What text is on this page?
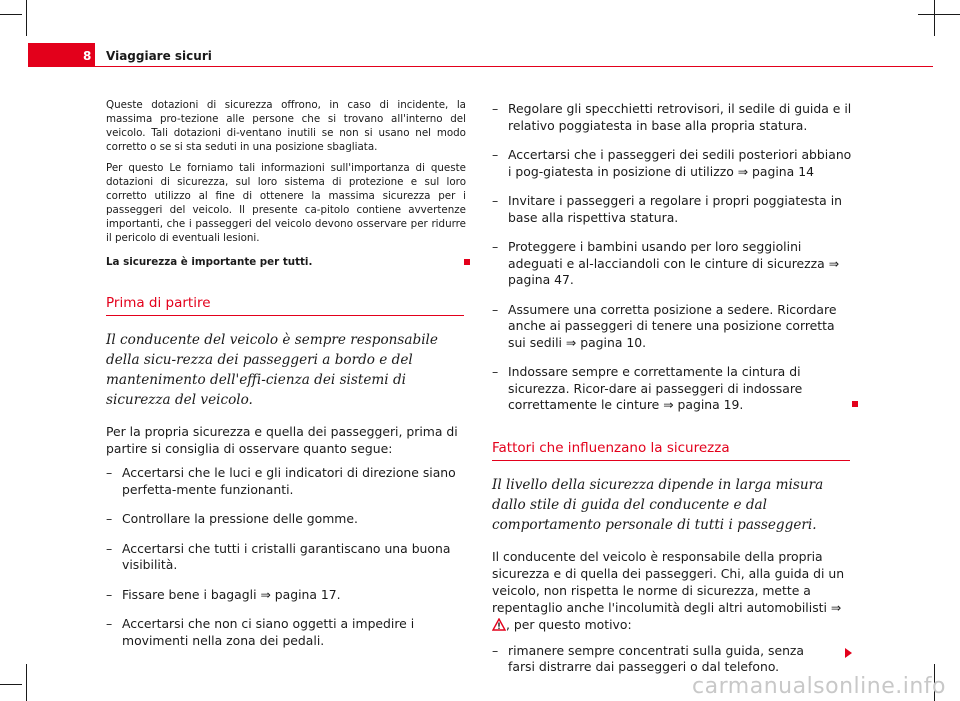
8 Viaggiare sicuri

Queste dotazioni di sicurezza offrono, in caso di incidente, la massima pro-tezione alle persone che si trovano all'interno del veicolo. Tali dotazioni di-ventano inutili se non si usano nel modo corretto o se si sta seduti in una posizione sbagliata.

Per questo Le forniamo tali informazioni sull'importanza di queste dotazioni di sicurezza, sul loro sistema di protezione e sul loro corretto utilizzo al fine di ottenere la massima sicurezza per i passeggeri del veicolo. Il presente ca-pitolo contiene avvertenze importanti, che i passeggeri del veicolo devono osservare per ridurre il pericolo di eventuali lesioni.

La sicurezza è importante per tutti.

Prima di partire

Il conducente del veicolo è sempre responsabile della sicu-rezza dei passeggeri a bordo e del mantenimento dell'effi-cienza dei sistemi di sicurezza del veicolo.

Per la propria sicurezza e quella dei passeggeri, prima di partire si consiglia di osservare quanto segue:

– Accertarsi che le luci e gli indicatori di direzione siano perfetta-mente funzionanti.
– Controllare la pressione delle gomme.
– Accertarsi che tutti i cristalli garantiscano una buona visibilità.
– Fissare bene i bagagli ⇒ pagina 17.
– Accertarsi che non ci siano oggetti a impedire i movimenti nella zona dei pedali.
– Regolare gli specchietti retrovisori, il sedile di guida e il relativo poggiatesta in base alla propria statura.
– Accertarsi che i passeggeri dei sedili posteriori abbiano i pog-giatesta in posizione di utilizzo ⇒ pagina 14
– Invitare i passeggeri a regolare i propri poggiatesta in base alla rispettiva statura.
– Proteggere i bambini usando per loro seggiolini adeguati e al-lacciandoli con le cinture di sicurezza ⇒ pagina 47.
– Assumere una corretta posizione a sedere. Ricordare anche ai passeggeri di tenere una posizione corretta sui sedili ⇒ pagina 10.
– Indossare sempre e correttamente la cintura di sicurezza. Ricor-dare ai passeggeri di indossare correttamente le cinture ⇒ pagina 19.
Fattori che influenzano la sicurezza

Il livello della sicurezza dipende in larga misura dallo stile di guida del conducente e dal comportamento personale di tutti i passeggeri.

Il conducente del veicolo è responsabile della propria sicurezza e di quella dei passeggeri. Chi, alla guida di un veicolo, non rispetta le norme di sicurezza, mette a repentaglio anche l'incolumità degli altri automobilisti ⇒ , per questo motivo:

– rimanere sempre concentrati sulla guida, senza farsi distrarre dai passeggeri o dal telefono.
carmanualsonline.info
